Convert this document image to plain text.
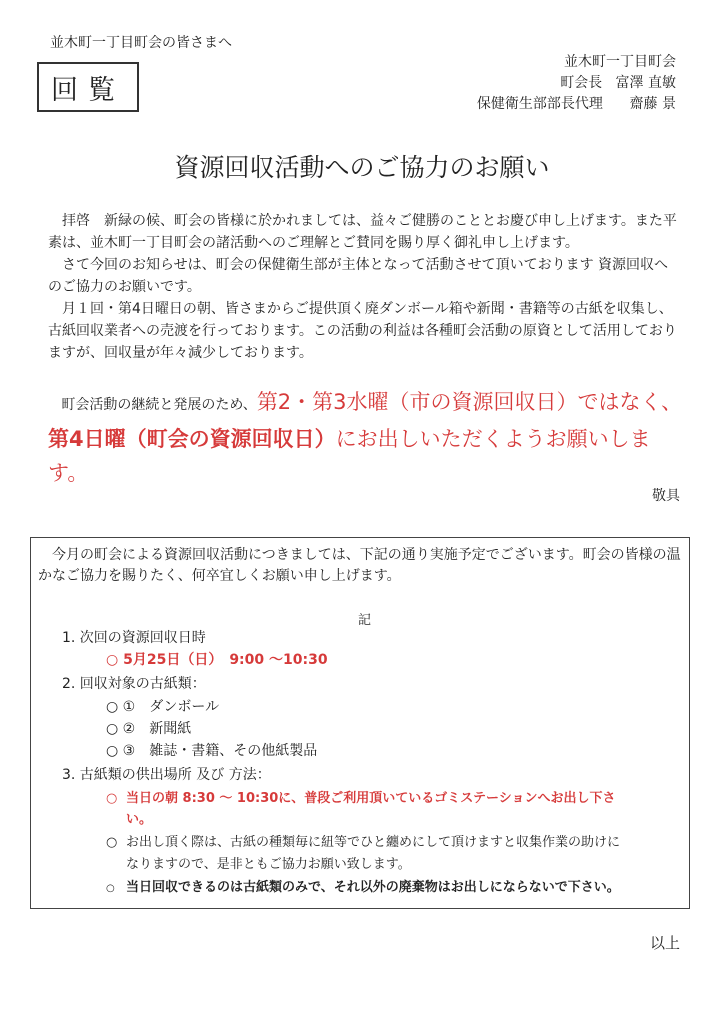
並木町一丁目町会の皆さまへ
回覧
並木町一丁目町会
町会長 富澤 直敏
保健衛生部部長代理 齋藤 景
資源回収活動へのご協力のお願い

拝啓　新緑の候、町会の皆様に於かれましては、益々ご健勝のこととお慶び申し上げます。また平素は、並木町一丁目町会の諸活動へのご理解とご賛同を賜り厚く御礼申し上げます。

さて今回のお知らせは、町会の保健衛生部が主体となって活動させて頂いております 資源回収へのご協力のお願いです。

月１回・第4日曜日の朝、皆さまからご提供頂く廃ダンボール箱や新聞・書籍等の古紙を収集し、古紙回収業者への売渡を行っております。この活動の利益は各種町会活動の原資として活用しておりますが、回収量が年々減少しております。

町会活動の継続と発展のため、第2・第3水曜（市の資源回収日）ではなく、第4日曜（町会の資源回収日）にお出しいただくようお願いします。
敬具

今月の町会による資源回収活動につきましては、下記の通り実施予定でございます。町会の皆様の温かなご協力を賜りたく、何卒宜しくお願い申し上げます。

記
1. 次回の資源回収日時
○ 5月25日（日）　9:00 ～10:30
2. 回収対象の古紙類：
○ ①　ダンボール
○ ②　新聞紙
○ ③　雑誌・書籍、その他紙製品
3. 古紙類の供出場所 及び 方法：
○ 当日の朝 8:30 ～ 10:30に、普段ご利用頂いているゴミステーションへお出し下さ
い。
○ お出し頂く際は、古紙の種類毎に紐等でひと纏めにして頂けますと収集作業の助けに
なりますので、是非ともご協力お願い致します。
○ 当日回収できるのは古紙類のみで、それ以外の廃棄物はお出しにならないで下さい。
以上
